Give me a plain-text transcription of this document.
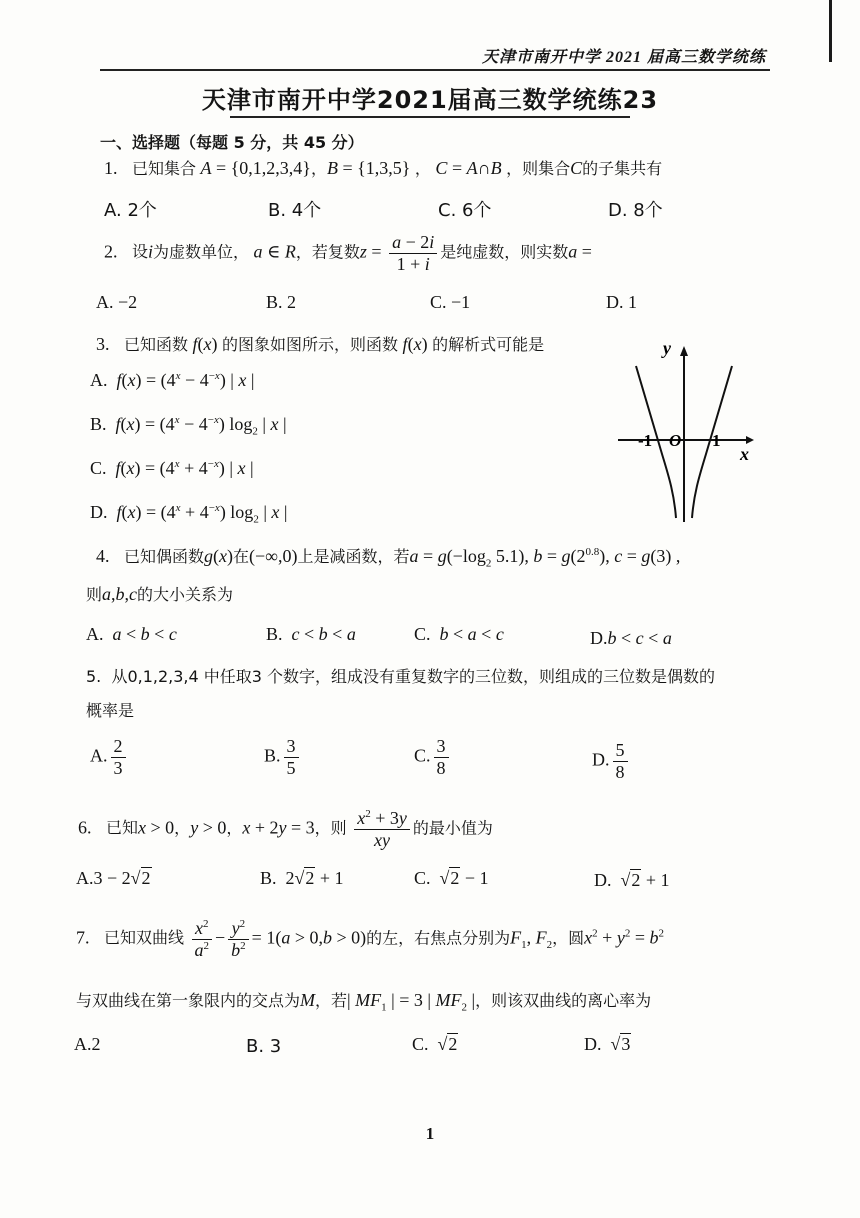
天津市南开中学 2021 届高三数学统练
天津市南开中学2021届高三数学统练23
一、选择题（每题 5 分，共 45 分）
1. 已知集合 A = {0,1,2,3,4}，B = {1,3,5} ， C = A∩B ，则集合C的子集共有
A. 2个	B. 4个	C. 6个	D. 8个
2. 设i为虚数单位， a ∈ R，若复数$z = \frac{a - 2i}{1 + i}$ 是纯虚数，则实数a =
A. −2	B. 2	C. −1	D. 1
3. 已知函数 f(x) 的图象如图所示，则函数 f(x) 的解析式可能是
A. $f(x) = (4^x - 4^{-x})$ | x |
B. $f(x) = (4^x - 4^{-x})$ $\log_2$ | x |
C. $f(x) = (4^x + 4^{-x})$ | x |
D. $f(x) = (4^x + 4^{-x})$ $\log_2$ | x |
y
x
-1 O 1
4. 已知偶函数g(x)在(−∞,0)上是减函数，若$a = g(-\log_2$ 5.1), $b = g(2^{0.8})$, c = g(3) ,
则a,b,c的大小关系为
A. a < b < c	B. c < b < a	C. b < a < c	D.b < c < a
5. 从0,1,2,3,4 中任取3 个数字，组成没有重复数字的三位数，则组成的三位数是偶数的
概率是
A. $\frac{2}{3}$	B. $\frac{3}{5}$	C. $\frac{3}{8}$	D. $\frac{5}{8}$
6. 已知x > 0，y > 0，x + 2y = 3，则 $\frac{x^2 + 3y}{xy}$ 的最小值为
A.3 − 2√2	B.  2√2 + 1	C.  √2 − 1	D.  √2 + 1
7. 已知双曲线 $\frac{x^2}{a^2} - \frac{y^2}{b^2} = 1(a > 0,b > 0)$的左，右焦点分别为$F_1$, $F_2$，圆$x^2 + y^2 = b^2$
与双曲线在第一象限内的交点为M，若| $MF_1$ | = 3 | $MF_2$ |，则该双曲线的离心率为
A.2	B. 3	C.  √2	D.  √3
1
